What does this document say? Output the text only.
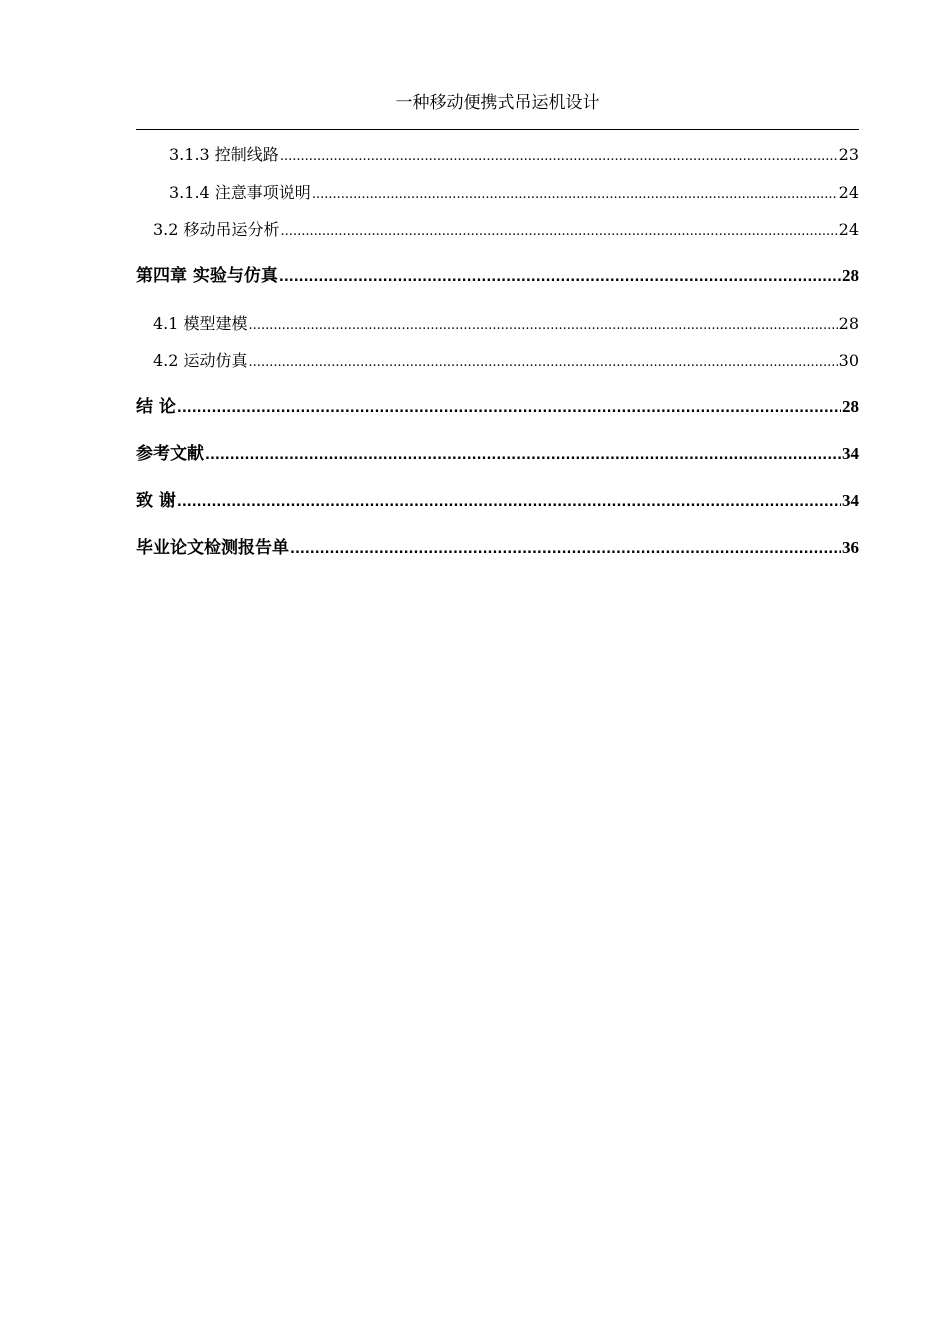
一种移动便携式吊运机设计
3.1.3 控制线路 .....	23
3.1.4 注意事项说明 .....	24
3.2 移动吊运分析 .....	24
第四章 实验与仿真 .....	28
4.1 模型建模 .....	28
4.2 运动仿真 .....	30
结 论 .....	28
参考文献 .....	34
致 谢 .....	34
毕业论文检测报告单 .....	36
